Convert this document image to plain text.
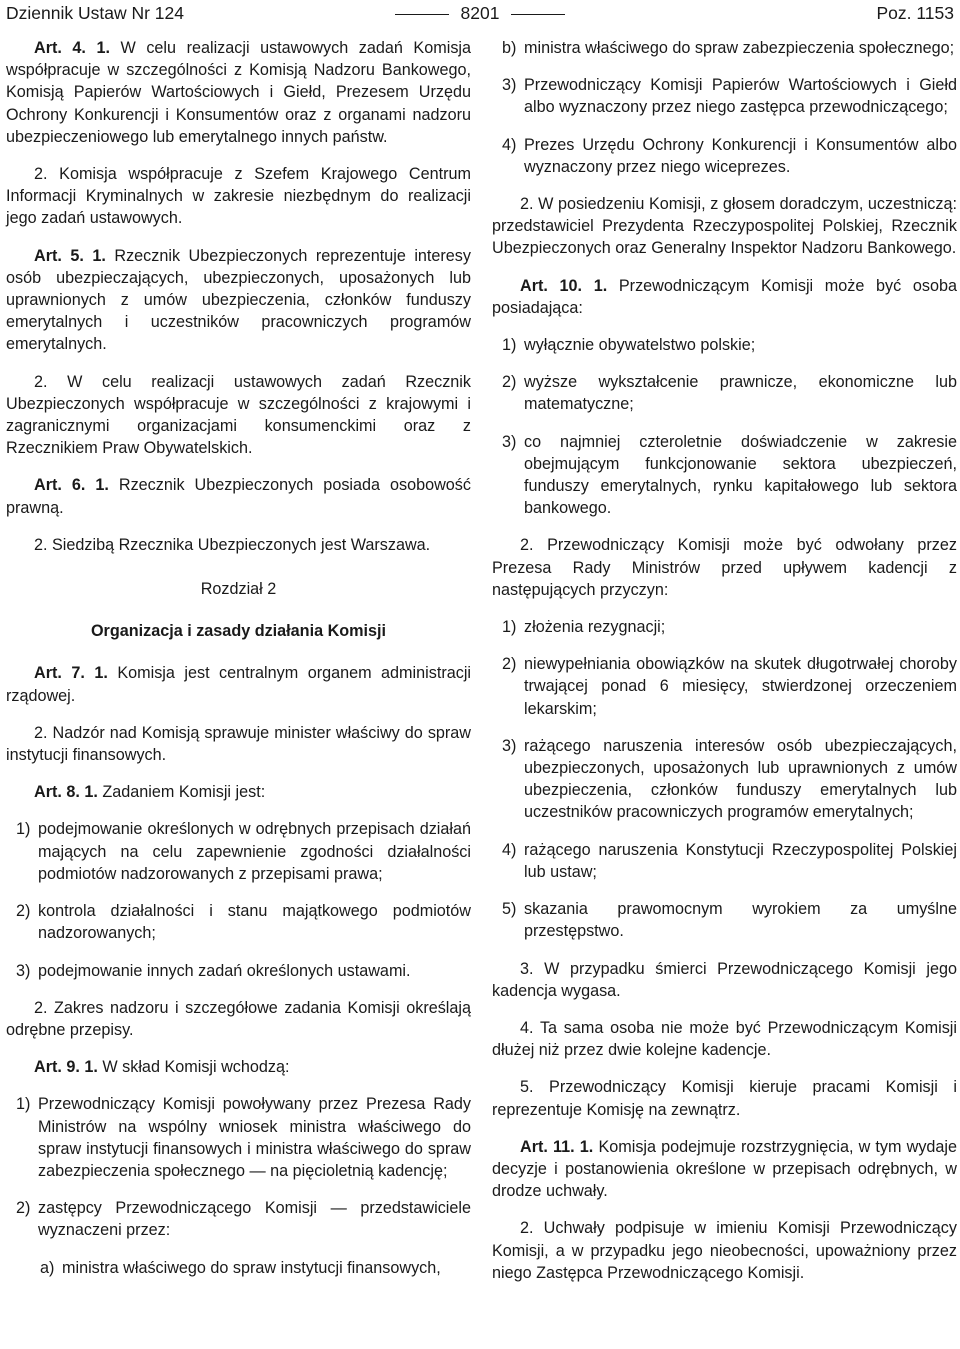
Dziennik Ustaw Nr 124	8201	Poz. 1153

Art. 4. 1. W celu realizacji ustawowych zadań Komisja współpracuje w szczególności z Komisją Nadzoru Bankowego, Komisją Papierów Wartościowych i Giełd, Prezesem Urzędu Ochrony Konkurencji i Konsumentów oraz z organami nadzoru ubezpieczeniowego lub emerytalnego innych państw.

2. Komisja współpracuje z Szefem Krajowego Centrum Informacji Kryminalnych w zakresie niezbędnym do realizacji jego zadań ustawowych.

Art. 5. 1. Rzecznik Ubezpieczonych reprezentuje interesy osób ubezpieczających, ubezpieczonych, uposażonych lub uprawnionych z umów ubezpieczenia, członków funduszy emerytalnych i uczestników pracowniczych programów emerytalnych.

2. W celu realizacji ustawowych zadań Rzecznik Ubezpieczonych współpracuje w szczególności z krajowymi i zagranicznymi organizacjami konsumenckimi oraz z Rzecznikiem Praw Obywatelskich.

Art. 6. 1. Rzecznik Ubezpieczonych posiada osobowość prawną.

2. Siedzibą Rzecznika Ubezpieczonych jest Warszawa.

Rozdział 2

Organizacja i zasady działania Komisji

Art. 7. 1. Komisja jest centralnym organem administracji rządowej.

2. Nadzór nad Komisją sprawuje minister właściwy do spraw instytucji finansowych.

Art. 8. 1. Zadaniem Komisji jest:

1) podejmowanie określonych w odrębnych przepisach działań mających na celu zapewnienie zgodności działalności podmiotów nadzorowanych z przepisami prawa;
2) kontrola działalności i stanu majątkowego podmiotów nadzorowanych;
3) podejmowanie innych zadań określonych ustawami.

2. Zakres nadzoru i szczegółowe zadania Komisji określają odrębne przepisy.

Art. 9. 1. W skład Komisji wchodzą:

1) Przewodniczący Komisji powoływany przez Prezesa Rady Ministrów na wspólny wniosek ministra właściwego do spraw instytucji finansowych i ministra właściwego do spraw zabezpieczenia społecznego — na pięcioletnią kadencję;
2) zastępcy Przewodniczącego Komisji — przedstawiciele wyznaczeni przez:
a) ministra właściwego do spraw instytucji finansowych,
b) ministra właściwego do spraw zabezpieczenia społecznego;
3) Przewodniczący Komisji Papierów Wartościowych i Giełd albo wyznaczony przez niego zastępca przewodniczącego;
4) Prezes Urzędu Ochrony Konkurencji i Konsumentów albo wyznaczony przez niego wiceprezes.

2. W posiedzeniu Komisji, z głosem doradczym, uczestniczą: przedstawiciel Prezydenta Rzeczypospolitej Polskiej, Rzecznik Ubezpieczonych oraz Generalny Inspektor Nadzoru Bankowego.

Art. 10. 1. Przewodniczącym Komisji może być osoba posiadająca:

1) wyłącznie obywatelstwo polskie;
2) wyższe wykształcenie prawnicze, ekonomiczne lub matematyczne;
3) co najmniej czteroletnie doświadczenie w zakresie obejmującym funkcjonowanie sektora ubezpieczeń, funduszy emerytalnych, rynku kapitałowego lub sektora bankowego.

2. Przewodniczący Komisji może być odwołany przez Prezesa Rady Ministrów przed upływem kadencji z następujących przyczyn:

1) złożenia rezygnacji;
2) niewypełniania obowiązków na skutek długotrwałej choroby trwającej ponad 6 miesięcy, stwierdzonej orzeczeniem lekarskim;
3) rażącego naruszenia interesów osób ubezpieczających, ubezpieczonych, uposażonych lub uprawnionych z umów ubezpieczenia, członków funduszy emerytalnych lub uczestników pracowniczych programów emerytalnych;
4) rażącego naruszenia Konstytucji Rzeczypospolitej Polskiej lub ustaw;
5) skazania prawomocnym wyrokiem za umyślne przestępstwo.

3. W przypadku śmierci Przewodniczącego Komisji jego kadencja wygasa.

4. Ta sama osoba nie może być Przewodniczącym Komisji dłużej niż przez dwie kolejne kadencje.

5. Przewodniczący Komisji kieruje pracami Komisji i reprezentuje Komisję na zewnątrz.

Art. 11. 1. Komisja podejmuje rozstrzygnięcia, w tym wydaje decyzje i postanowienia określone w przepisach odrębnych, w drodze uchwały.

2. Uchwały podpisuje w imieniu Komisji Przewodniczący Komisji, a w przypadku jego nieobecności, upoważniony przez niego Zastępca Przewodniczącego Komisji.
